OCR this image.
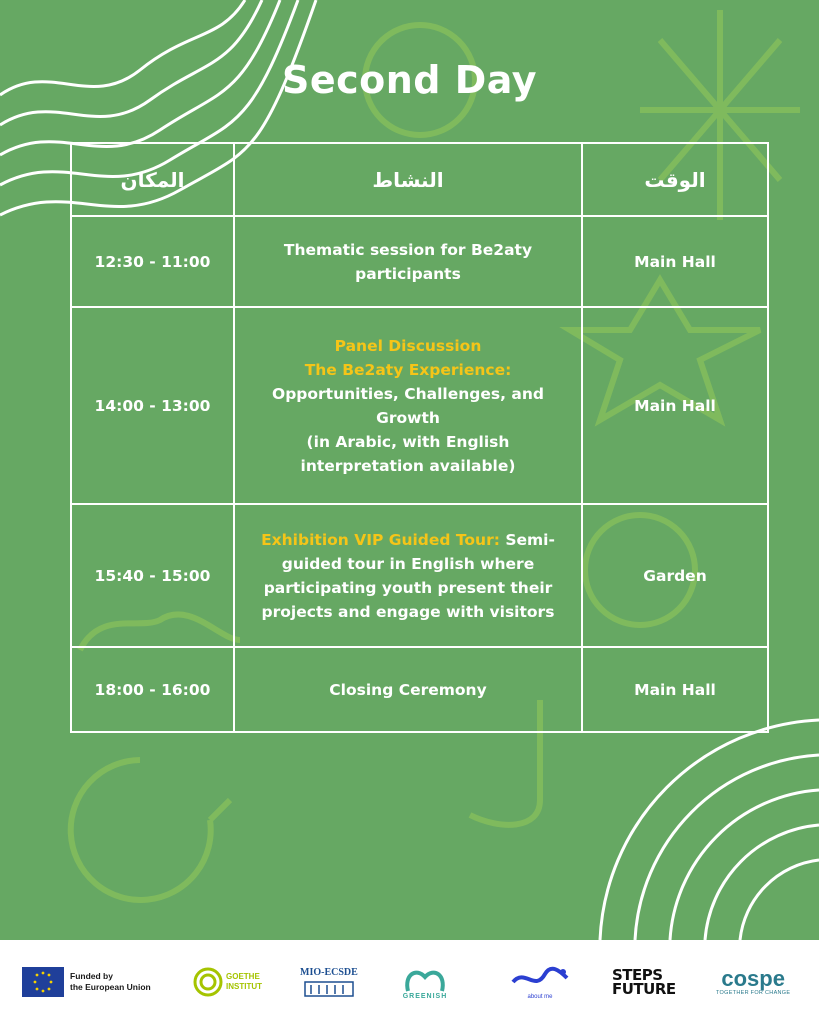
Second Day
المكان	النشاط	الوقت
12:30 - 11:00	Thematic session for Be2aty participants	Main Hall
14:00 - 13:00	Panel Discussion
The Be2aty Experience:
Opportunities, Challenges, and Growth
(in Arabic, with English interpretation available)	Main Hall
15:40 - 15:00	Exhibition VIP Guided Tour: Semi-guided tour in English where participating youth present their projects and engage with visitors	Garden
18:00 - 16:00	Closing Ceremony	Main Hall
Funded by
the European Union
GOETHE
INSTITUT
MIO-ECSDE
GREENISH	about me
STEPS
FUTURE cospe
TOGETHER FOR CHANGE
